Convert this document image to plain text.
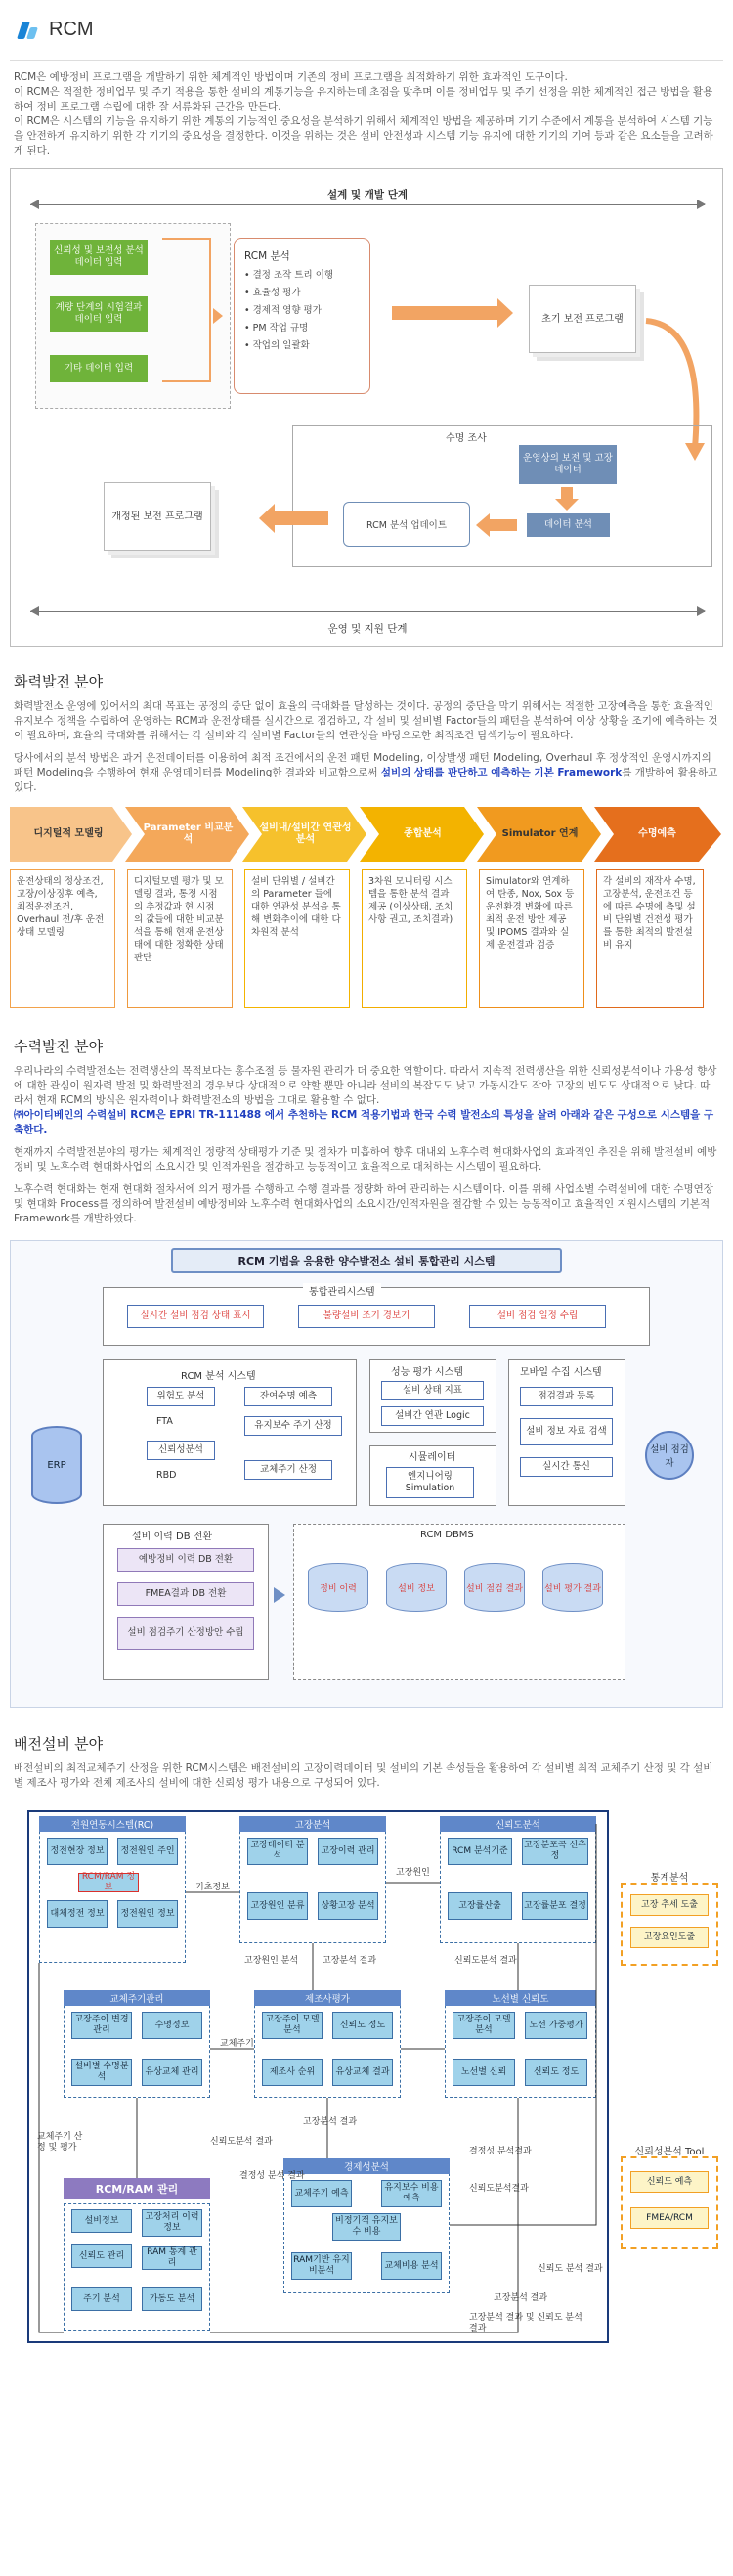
RCM

RCM은 예방정비 프로그램을 개발하기 위한 체계적인 방법이며 기존의 정비 프로그램을 최적화하기 위한 효과적인 도구이다.

이 RCM은 적절한 정비업무 및 주기 적용을 통한 설비의 계통기능을 유지하는데 초점을 맞추며 이를 정비업무 및 주기 선정을 위한 체계적인 접근 방법을 활용하여 정비 프로그램 수립에 대한 잘 서류화된 근간을 만든다.

이 RCM은 시스템의 기능을 유지하기 위한 계통의 기능적인 중요성을 분석하기 위해서 체계적인 방법을 제공하며 기기 수준에서 계통을 분석하여 시스템 기능을 안전하게 유지하기 위한 각 기기의 중요성을 결정한다. 이것을 위하는 것은 설비 안전성과 시스템 기능 유지에 대한 기기의 기여 등과 같은 요소들을 고려하게 된다.

설계 및 개발 단계
신뢰성 및 보전성 분석 데이터 입력
계량 단계의 시험결과 데이터 입력
기타 데이터 입력
RCM 분석
• 결정 조작 트리 이행
• 효율성 평가
• 경제적 영향 평가
• PM 작업 규명
• 작업의 일괄화
초기 보전 프로그램
수명 조사
운영상의 보전 및 고장 데이터
데이터 분석
RCM 분석 업데이트
개정된 보전 프로그램
운영 및 지원 단계
화력발전 분야

화력발전소 운영에 있어서의 최대 목표는 공정의 중단 없이 효율의 극대화를 달성하는 것이다. 공정의 중단을 막기 위해서는 적절한 고장예측을 통한 효율적인 유지보수 정책을 수립하여 운영하는 RCM과 운전상태를 실시간으로 점검하고, 각 설비 및 설비별 Factor들의 패턴을 분석하여 이상 상황을 조기에 예측하는 것이 필요하며, 효율의 극대화를 위해서는 각 설비와 각 설비별 Factor들의 연관성을 바탕으로한 최적조건 탐색기능이 필요하다.

당사에서의 분석 방법은 과거 운전데이터를 이용하여 최적 조건에서의 운전 패턴 Modeling, 이상발생 패턴 Modeling, Overhaul 후 정상적인 운영시까지의 패턴 Modeling을 수행하여 현재 운영데이터를 Modeling한 결과와 비교함으로써 설비의 상태를 판단하고 예측하는 기본 Framework를 개발하여 활용하고 있다.

디지털적 모델링
Parameter 비교분석
설비내/설비간 연관성 분석
종합분석	Simulator 연계	수명예측
운전상태의 정상조건, 고장/이상징후 예측, 최적운전조건, Overhaul 전/후 운전상태 모델링
디지털모델 평가 및 모델링 결과, 통정 시점의 추정값과 현 시점 의 값들에 대한 비교분석을 통해 현재 운전상태에 대한 정확한 상태판단
설비 단위별 / 설비간의 Parameter 들에 대한 연관성 분석을 통해 변화추이에 대한 다차원적 분석
3차원 모니터링 시스템을 통한 분석 결과 제공 (이상상태, 조치사항 권고, 조치결과)
Simulator와 연계하여 탄종, Nox, Sox 등 운전환경 변화에 따른 최적 운전 방안 제공 및 IPOMS 결과와 실제 운전결과 검증
각 설비의 재작사 수명, 고장분석, 운전조건 등에 따른 수명에 측및 설비 단위별 건전성 평가를 통한 최적의 발전설비 유지
수력발전 분야

우리나라의 수력발전소는 전력생산의 목적보다는 홍수조절 등 물자원 관리가 더 중요한 역할이다. 따라서 지속적 전력생산을 위한 신뢰성분석이나 가용성 향상에 대한 관심이 원자력 발전 및 화력발전의 경우보다 상대적으로 약할 뿐만 아니라 설비의 복잡도도 낮고 가동시간도 작아 고장의 빈도도 상대적으로 낮다. 따라서 현재 RCM의 방식은 원자력이나 화력발전소의 방법을 그대로 활용할 수 없다.

㈜아이티베인의 수력설비 RCM은 EPRI TR-111488 에서 추천하는 RCM 적용기법과 한국 수력 발전소의 특성을 살려 아래와 같은 구성으로 시스템을 구축한다.

현재까지 수력발전분야의 평가는 체계적인 정량적 상태평가 기준 및 절차가 미흡하여 향후 대내외 노후수력 현대화사업의 효과적인 추진을 위해 발전설비 예방정비 및 노후수력 현대화사업의 소요시간 및 인적자원을 절감하고 능동적이고 효율적으로 대처하는 시스템이 필요하다.

노후수력 현대화는 현재 현대화 절차서에 의거 평가를 수행하고 수행 결과를 정량화 하여 관리하는 시스템이다. 이를 위해 사업소별 수력설비에 대한 수명연장 및 현대화 Process를 정의하여 발전설비 예방정비와 노후수력 현대화사업의 소요시간/인적자원을 절감할 수 있는 능동적이고 효율적인 지원시스템의 기본적 Framework를 개발하였다.

RCM 기법을 응용한 양수발전소 설비 통합관리 시스템
통합관리시스템
실시간 설비 점검 상태 표시	불량설비 조기 경보기	설비 점검 일정 수립
RCM 분석 시스템
위험도 분석
FTA
신뢰성분석
RBD
잔여수명 예측
유지보수 주기 산정
교체주기 산정
성능 평가 시스템
설비 상태 지표
설비간 연관 Logic
시뮬레이터
엔지니어링 Simulation
모바일 수집 시스템
점검결과 등록
설비 정보 자료 검색
실시간 통신
설비 점검자
ERP
설비 이력 DB 전환
예방정비 이력 DB 전환
FMEA결과 DB 전환
설비 점검주기 산정방안 수립
RCM DBMS
정비 이력	설비 정보	설비 점검 결과 설비 평가 결과
배전설비 분야

배전설비의 최적교체주기 산정을 위한 RCM시스템은 배전설비의 고장이력데이터 및 설비의 기본 속성들을 활용하여 각 설비별 최적 교체주기 산정 및 각 설비별 제조사 평가와 전체 제조사의 설비에 대한 신뢰성 평가 내용으로 구성되어 있다.

전원연동시스템(RC)
정전현장 정보	정전원인 주인
RCM/RAM 정보
대체정전 정보	정전원인 정보
고장분석
고장데이터 분석
고장이력 관리
고장원인 분류	상황고장 분석
신뢰도분석
RCM 분석기준
고장분포곡 선추정
고장률산출	고장률분포 결정
교체주기관리
고장주이 변경관리
수명정보
설비별 수명분석
유상교체 관리
제조사평가
고장주이 모델분석
신뢰도 정도
제조사 순위	유상교체 결과
노선별 신뢰도
고장주이 모델분석
노선 가중평가
노선별 신뢰	신뢰도 정도
경제성분석
교체주기 예측
유지보수 비용예측
비정기적 유지보수 비용
RAM기반 유지비분석
교체비용 분석
RCM/RAM 관리
설비정보	고장처리 이력정보
RAM 통계 관리
신뢰도 관리
주기 분석	가동도 분석
기초정보
고장원인
고장원인 분석	고장분석 결과	신뢰도분석 결과
교체주기
신뢰도분석 결과
고장분석 결과
결정성 분석 결과
결정성 분석결과
신뢰도분석결과
교체주기 산정 및 평가
신뢰도 분석 결과
고장분석 결과
고장분석 결과 및 신뢰도 분석 결과
통계분석
고장 추세 도출
고장요인도출
신뢰성분석 Tool
신뢰도 예측
FMEA/RCM
